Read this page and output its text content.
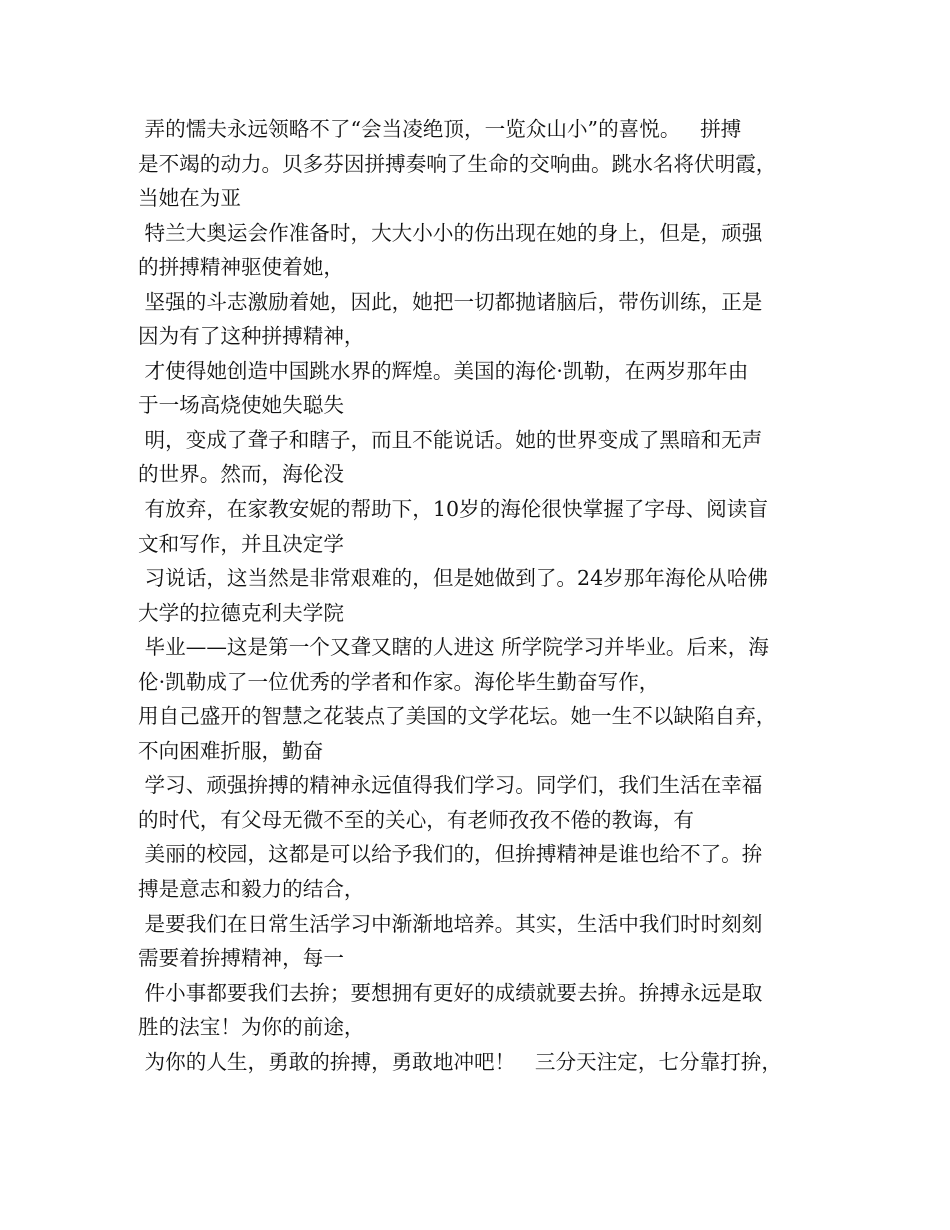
弄的懦夫永远领略不了“会当凌绝顶，一览众山小”的喜悦。   拼搏
是不竭的动力。贝多芬因拼搏奏响了生命的交响曲。跳水名将伏明霞，
当她在为亚
特兰大奥运会作准备时，大大小小的伤出现在她的身上，但是，顽强
的拼搏精神驱使着她，
坚强的斗志激励着她，因此，她把一切都抛诸脑后，带伤训练，正是
因为有了这种拼搏精神，
才使得她创造中国跳水界的辉煌。美国的海伦·凯勒，在两岁那年由
于一场高烧使她失聪失
明，变成了聋子和瞎子，而且不能说话。她的世界变成了黑暗和无声
的世界。然而，海伦没
有放弃，在家教安妮的帮助下，10岁的海伦很快掌握了字母、阅读盲
文和写作，并且决定学
习说话，这当然是非常艰难的，但是她做到了。24岁那年海伦从哈佛
大学的拉德克利夫学院
毕业——这是第一个又聋又瞎的人进这 所学院学习并毕业。后来，海
伦·凯勒成了一位优秀的学者和作家。海伦毕生勤奋写作，
用自己盛开的智慧之花装点了美国的文学花坛。她一生不以缺陷自弃，
不向困难折服，勤奋
学习、顽强拚搏的精神永远值得我们学习。同学们，我们生活在幸福
的时代，有父母无微不至的关心，有老师孜孜不倦的教诲，有
美丽的校园，这都是可以给予我们的，但拚搏精神是谁也给不了。拚
搏是意志和毅力的结合，
是要我们在日常生活学习中渐渐地培养。其实，生活中我们时时刻刻
需要着拚搏精神，每一
件小事都要我们去拚；要想拥有更好的成绩就要去拚。拚搏永远是取
胜的法宝！为你的前途，
为你的人生，勇敢的拚搏，勇敢地冲吧！   三分天注定，七分靠打拚，
